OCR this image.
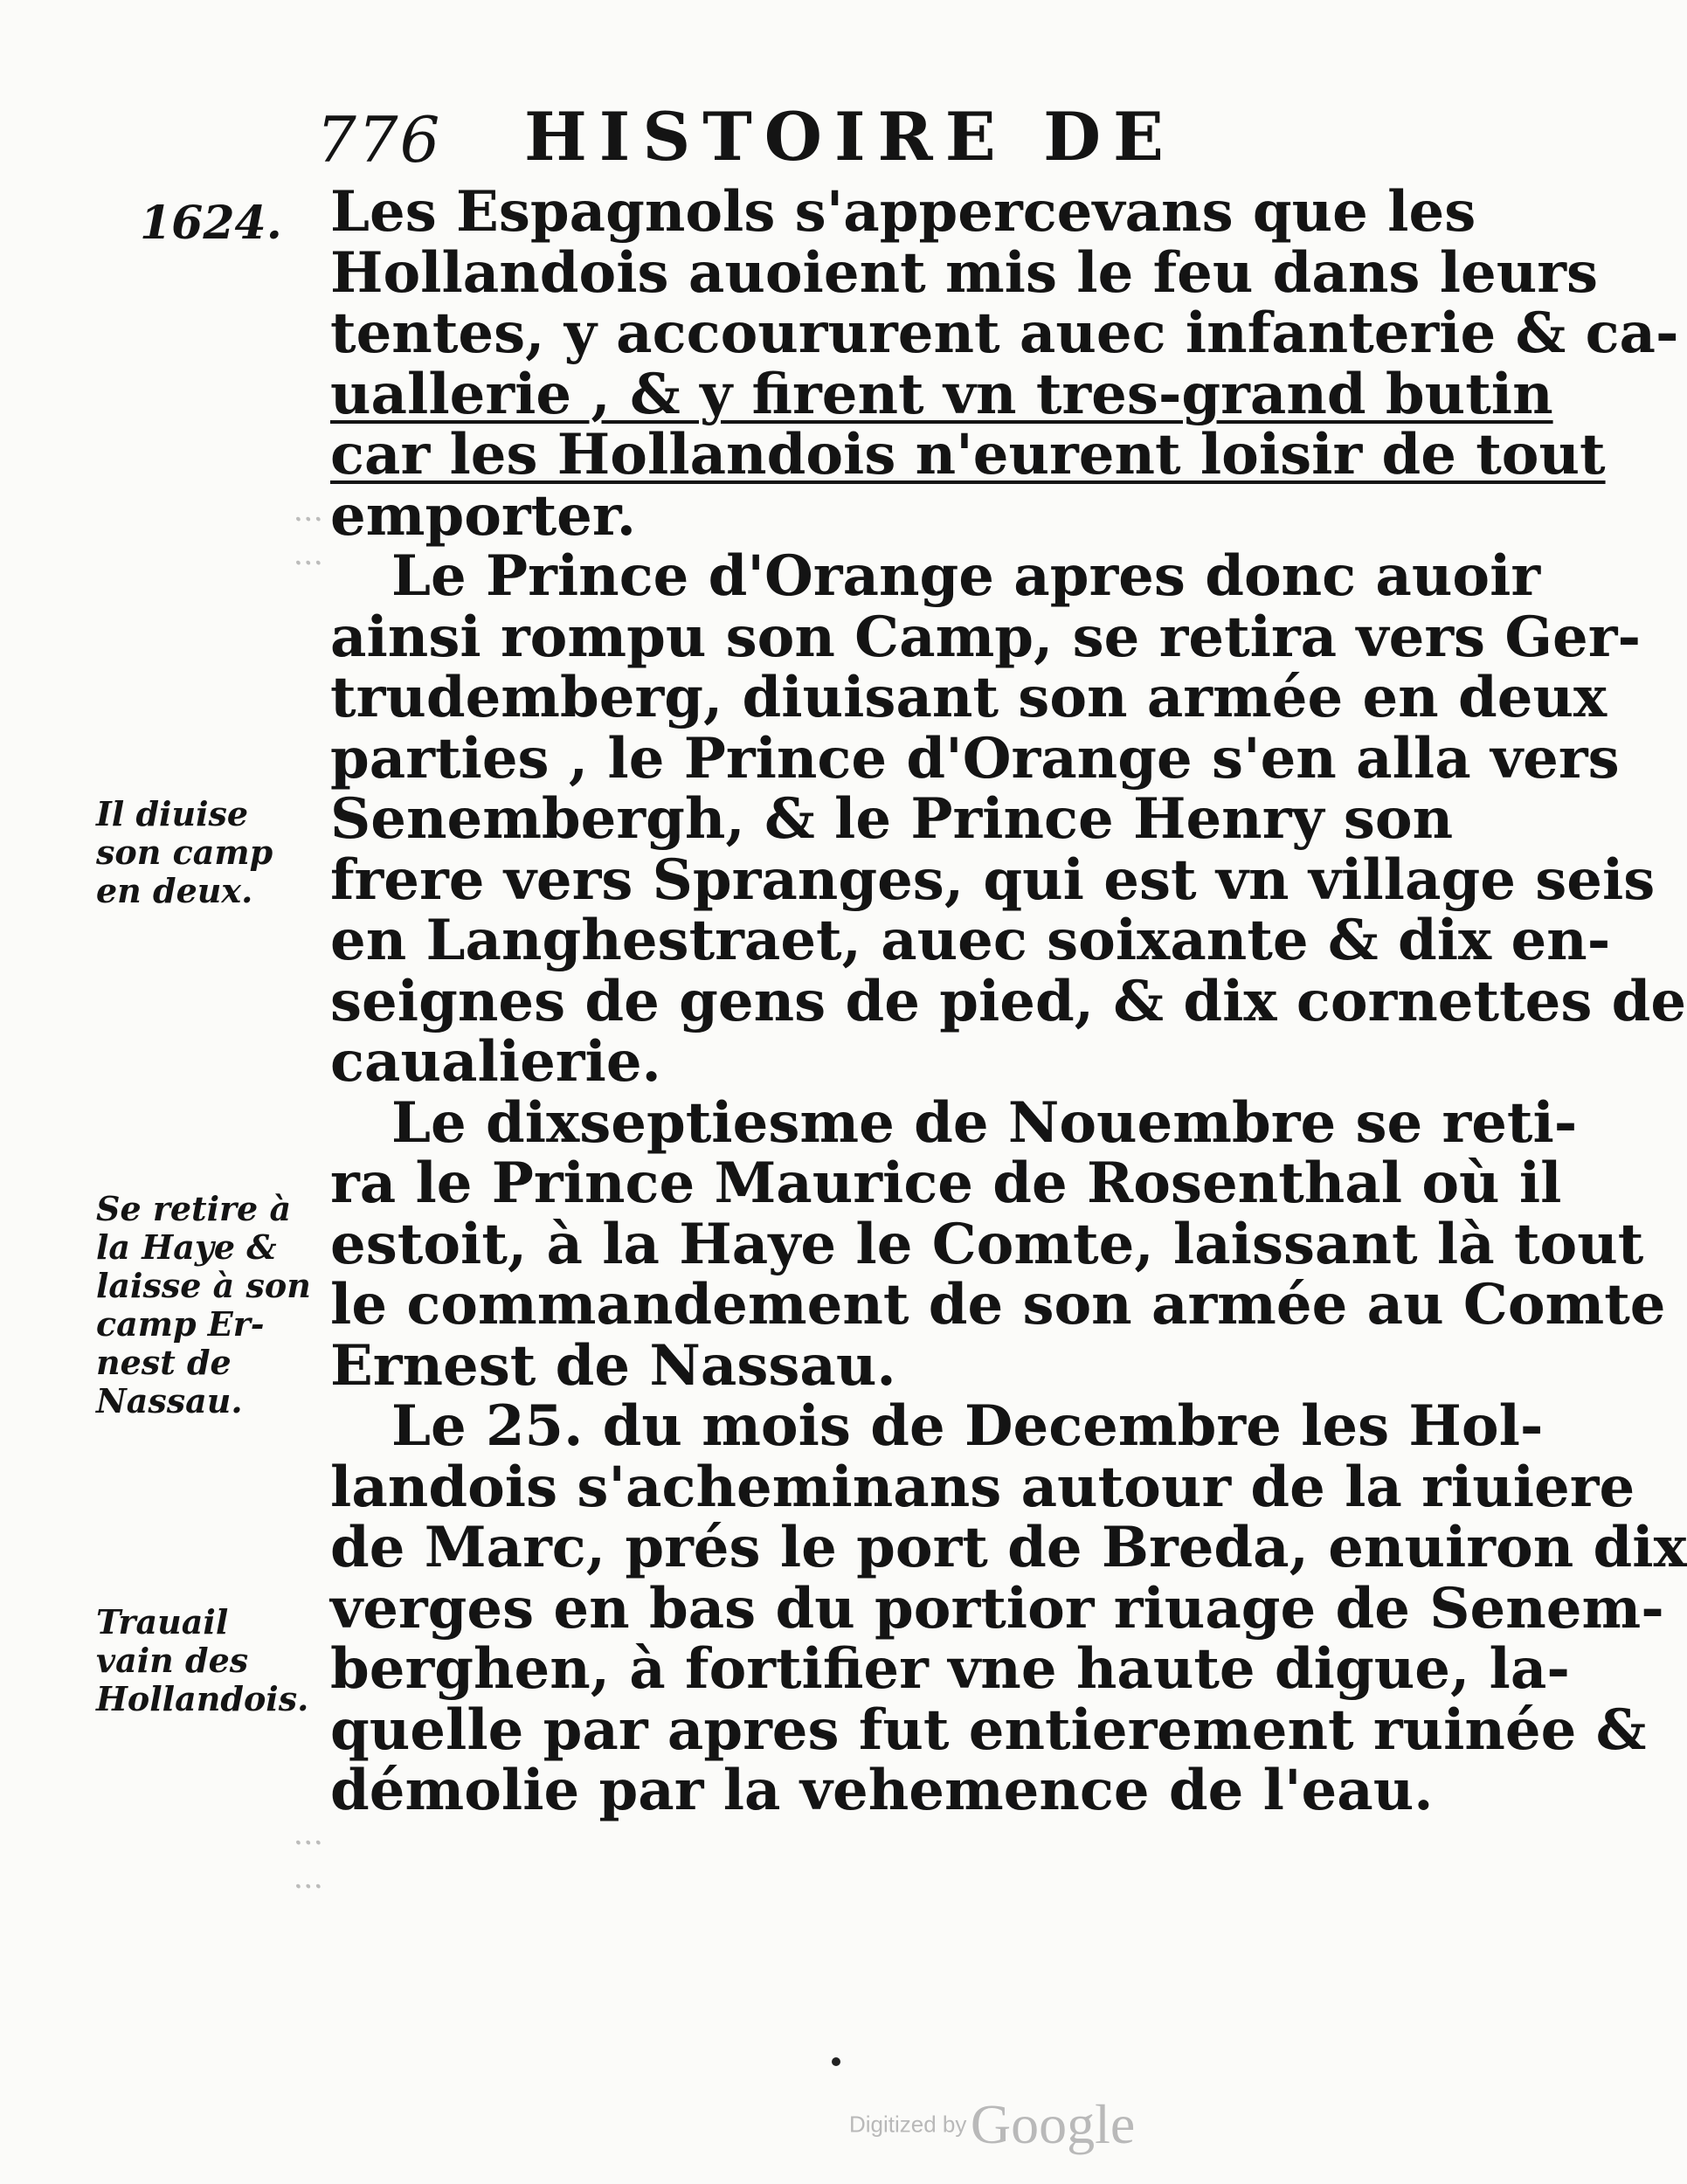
776 HISTOIRE DE
1624. Les Espagnols s'appercevans que les
Hollandois auoient mis le feu dans leurs
tentes, y accoururent auec infanterie & ca-
uallerie , & y firent vn tres-grand butin
car les Hollandois n'eurent loisir de tout
emporter.
Le Prince d'Orange apres donc auoir
ainsi rompu son Camp, se retira vers Ger-
trudemberg, diuisant son armée en deux
parties , le Prince d'Orange s'en alla vers
Senembergh, & le Prince Henry son
frere vers Spranges, qui est vn village seis
en Langhestraet, auec soixante & dix en-
seignes de gens de pied, & dix cornettes de
caualierie.
Le dixseptiesme de Nouembre se reti-
ra le Prince Maurice de Rosenthal où il
estoit, à la Haye le Comte, laissant là tout
le commandement de son armée au Comte
Ernest de Nassau.
Le 25. du mois de Decembre les Hol-
landois s'acheminans autour de la riuiere
de Marc, prés le port de Breda, enuiron dix
verges en bas du portior riuage de Senem-
berghen, à fortifier vne haute digue, la-
quelle par apres fut entierement ruinée &
démolie par la vehemence de l'eau.
...
...
Il diuise
son camp
en deux.
Se retire à
la Haye &
laisse à son
camp Er-
nest de
Nassau.
Trauail
vain des
Hollandois.
...
...
Digitized by Google
